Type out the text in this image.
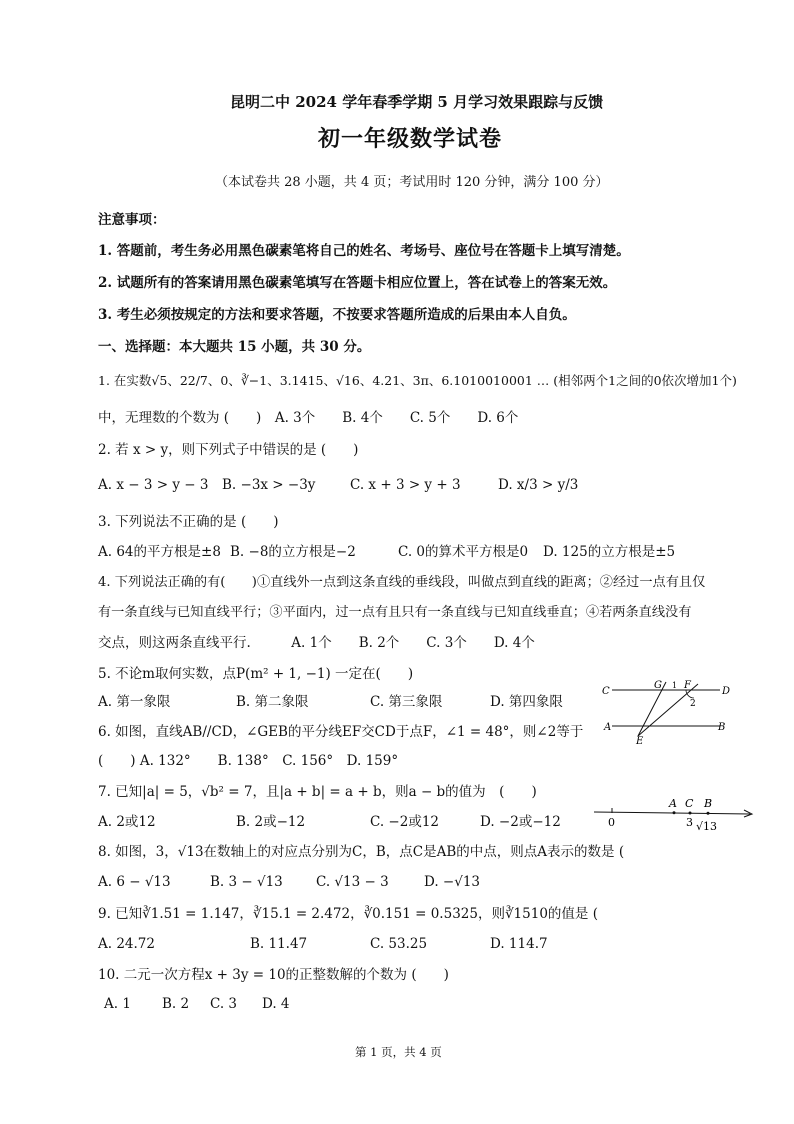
昆明二中 2024 学年春季学期 5 月学习效果跟踪与反馈
初一年级数学试卷
（本试卷共 28 小题，共 4 页；考试用时 120 分钟，满分 100 分）
注意事项：
1. 答题前，考生务必用黑色碳素笔将自己的姓名、考场号、座位号在答题卡上填写清楚。
2. 试题所有的答案请用黑色碳素笔填写在答题卡相应位置上，答在试卷上的答案无效。
3. 考生必须按规定的方法和要求答题，不按要求答题所造成的后果由本人自负。
一、选择题：本大题共 15 小题，共 30 分。
1. 在实数√5、22/7、0、∛−1、3.1415、√16、4.21、3π、6.1010010001 … (相邻两个1之间的0依次增加1个)
中，无理数的个数为 (　　)　A. 3个　　B. 4个　　C. 5个　　D. 6个
2. 若 x > y，则下列式子中错误的是 (　　)
A. x − 3 > y − 3 B. −3x > −3y	C. x + 3 > y + 3	D. x/3 > y/3
3. 下列说法不正确的是 (　　)
A. 64的平方根是±8 B. −8的立方根是−2	C. 0的算术平方根是0 D. 125的立方根是±5
4. 下列说法正确的有(　　)①直线外一点到这条直线的垂线段，叫做点到直线的距离；②经过一点有且仅
有一条直线与已知直线平行；③平面内，过一点有且只有一条直线与已知直线垂直；④若两条直线没有
交点，则这两条直线平行.　　　A. 1个　　B. 2个　　C. 3个　　D. 4个
5. 不论m取何实数，点P(m² + 1, −1) 一定在(　　)
A. 第一象限	B. 第二象限	C. 第三象限	D. 第四象限
6. 如图，直线AB//CD，∠GEB的平分线EF交CD于点F，∠1 = 48°，则∠2等于
(　　) A. 132°　　B. 138°　C. 156°　D. 159°
C	D
A	B
G F
E
1
2
7. 已知|a| = 5，√b² = 7，且|a + b| = a + b，则a − b的值为　(　　)
A. 2或12	B. 2或−12	C. −2或12	D. −2或−12
A C B
0	3 √13
8. 如图，3，√13在数轴上的对应点分别为C，B，点C是AB的中点，则点A表示的数是 (
A. 6 − √13	B. 3 − √13 C. √13 − 3	D. −√13
9. 已知∛1.51 = 1.147，∛15.1 = 2.472，∛0.151 = 0.5325，则∛1510的值是 (
A. 24.72	B. 11.47	C. 53.25	D. 114.7
10. 二元一次方程x + 3y = 10的正整数解的个数为 (　　)
A. 1 B. 2 C. 3 D. 4
第 1 页，共 4 页
